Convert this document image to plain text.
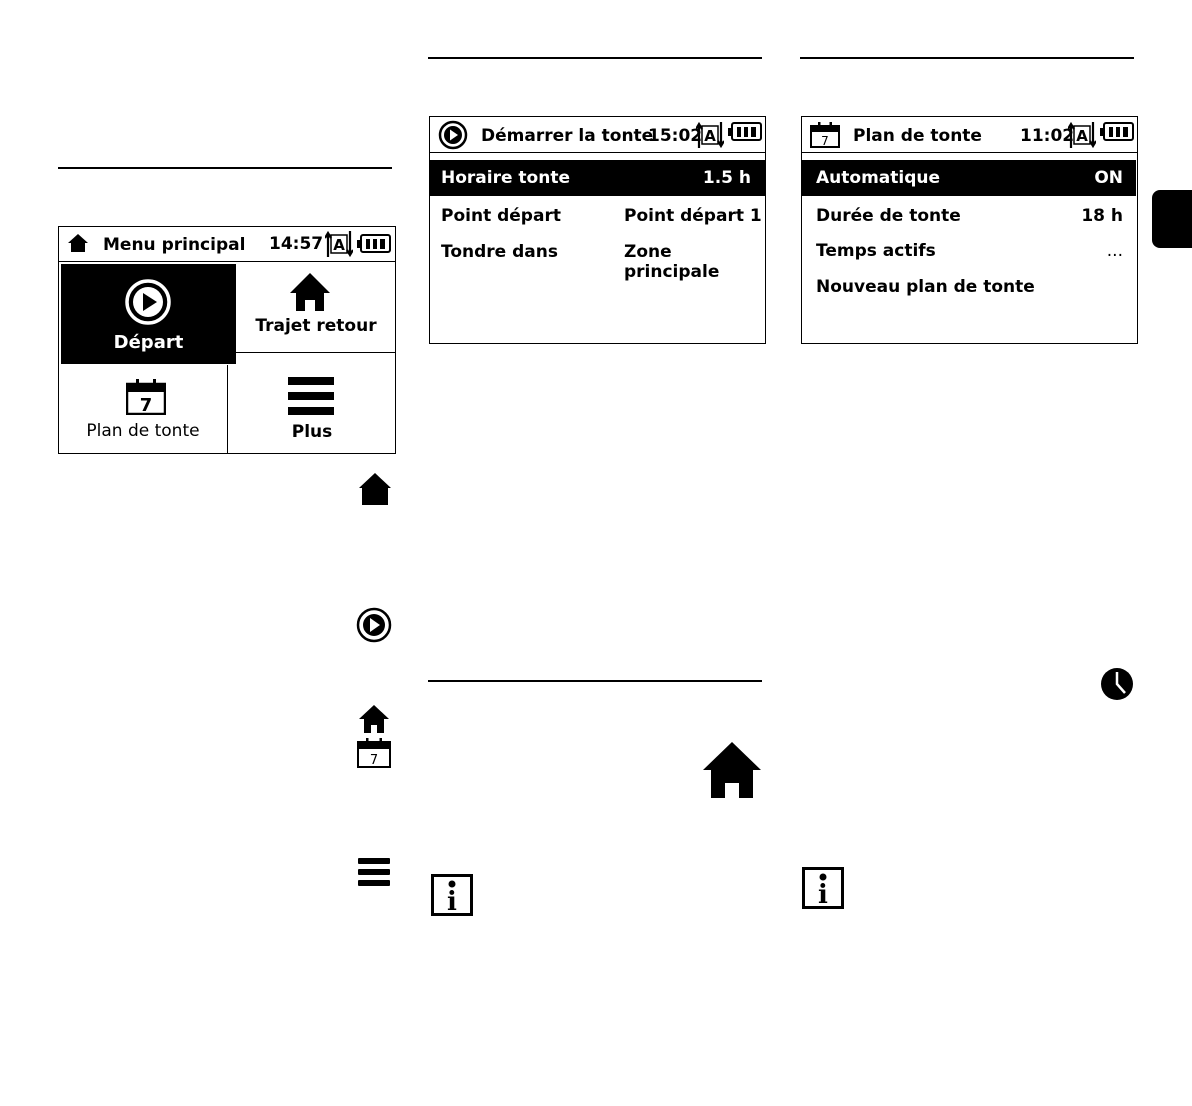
Menu principal 14:57 A
Départ
Trajet retour
7
Plan de tonte	Plus
Démarrer la tonte
15:02 A
Horaire tonte	1.5 h
Point départ	Point départ 1
Tondre dans	Zone principale
7 Plan de tonte 11:02 A
Automatique	ON
Durée de tonte	18 h
Temps actifs	...
Nouveau plan de tonte
7
i	i
